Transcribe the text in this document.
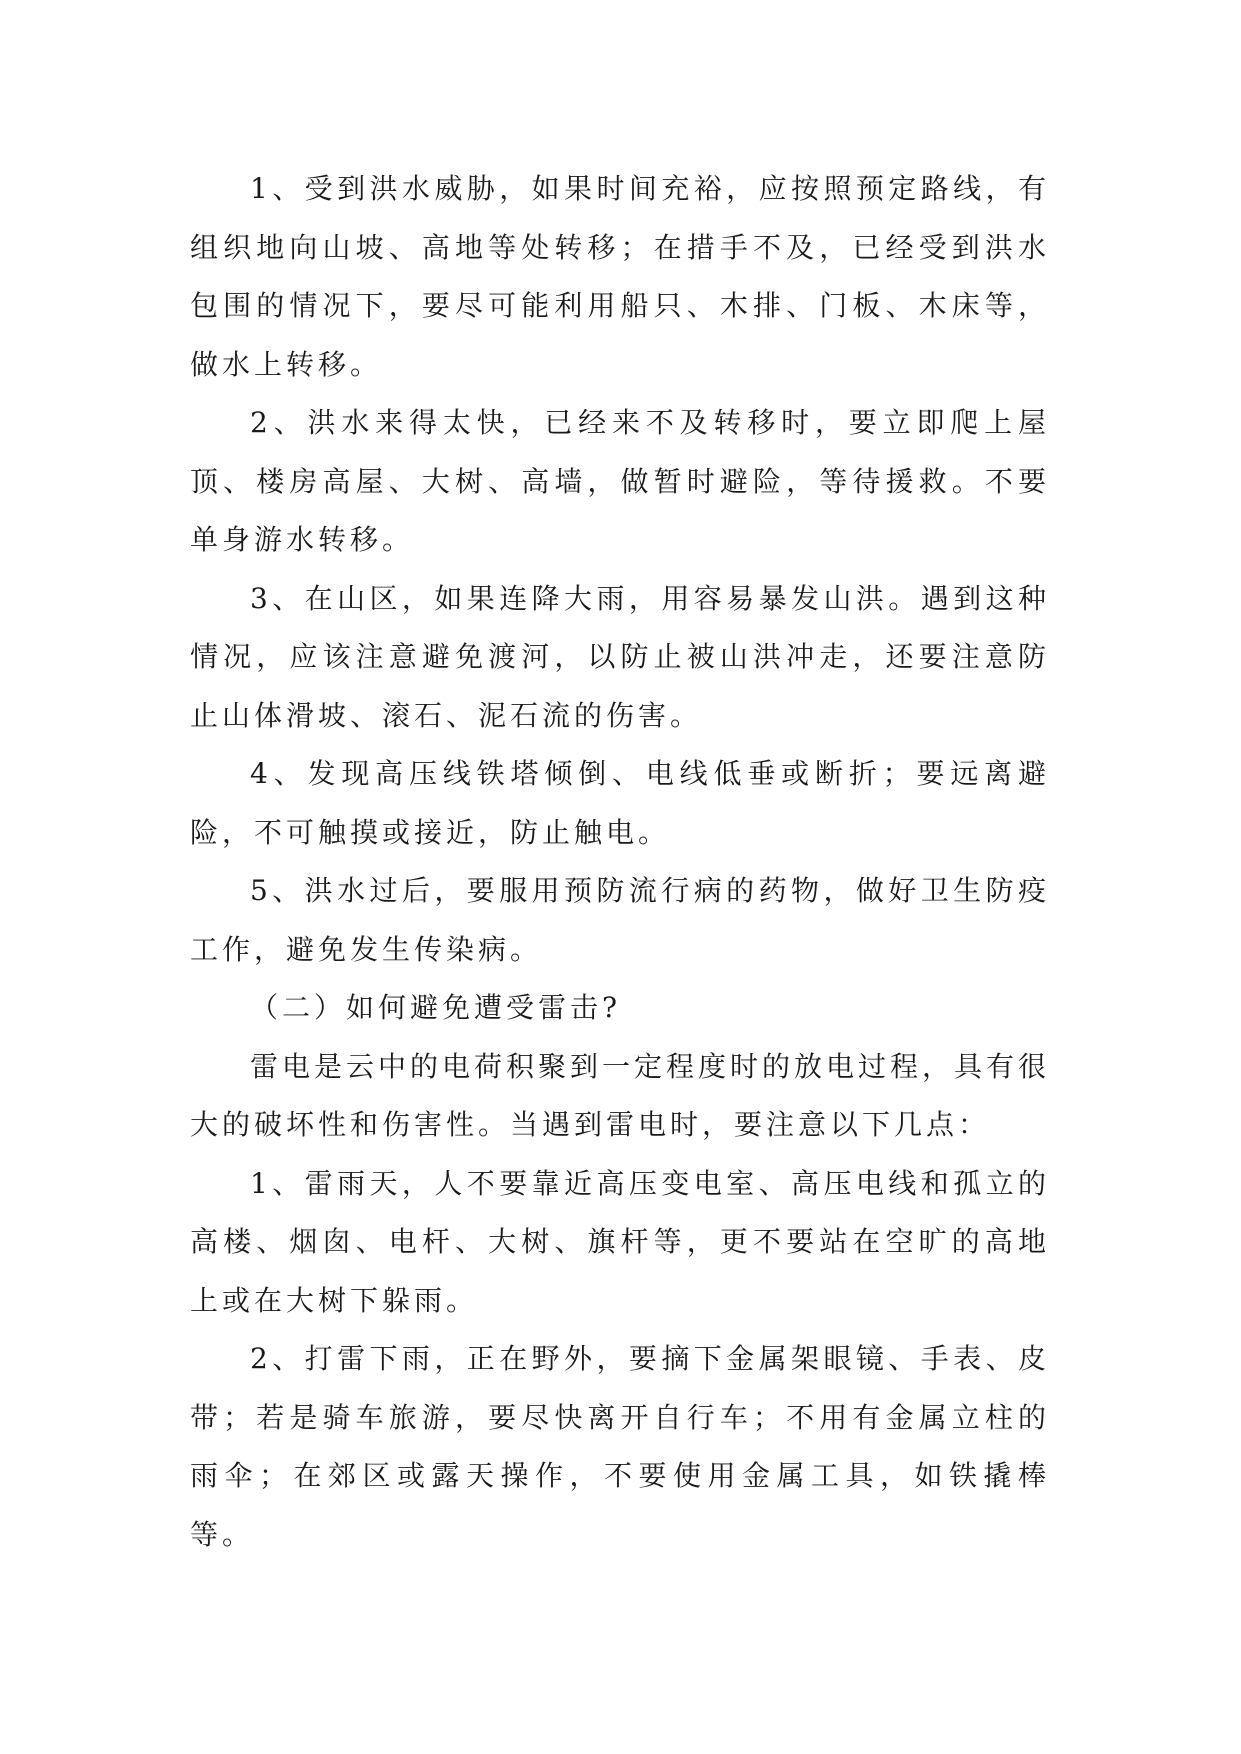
1、受到洪水威胁，如果时间充裕，应按照预定路线，有组织地向山坡、高地等处转移；在措手不及，已经受到洪水包围的情况下，要尽可能利用船只、木排、门板、木床等，做水上转移。

2、洪水来得太快，已经来不及转移时，要立即爬上屋顶、楼房高屋、大树、高墙，做暂时避险，等待援救。不要单身游水转移。

3、在山区，如果连降大雨，用容易暴发山洪。遇到这种情况，应该注意避免渡河，以防止被山洪冲走，还要注意防止山体滑坡、滚石、泥石流的伤害。

4、发现高压线铁塔倾倒、电线低垂或断折；要远离避险，不可触摸或接近，防止触电。

5、洪水过后，要服用预防流行病的药物，做好卫生防疫工作，避免发生传染病。

（二）如何避免遭受雷击?

雷电是云中的电荷积聚到一定程度时的放电过程，具有很大的破坏性和伤害性。当遇到雷电时，要注意以下几点：

1、雷雨天，人不要靠近高压变电室、高压电线和孤立的高楼、烟囱、电杆、大树、旗杆等，更不要站在空旷的高地上或在大树下躲雨。

2、打雷下雨，正在野外，要摘下金属架眼镜、手表、皮带；若是骑车旅游，要尽快离开自行车；不用有金属立柱的雨伞；在郊区或露天操作，不要使用金属工具，如铁撬棒等。
